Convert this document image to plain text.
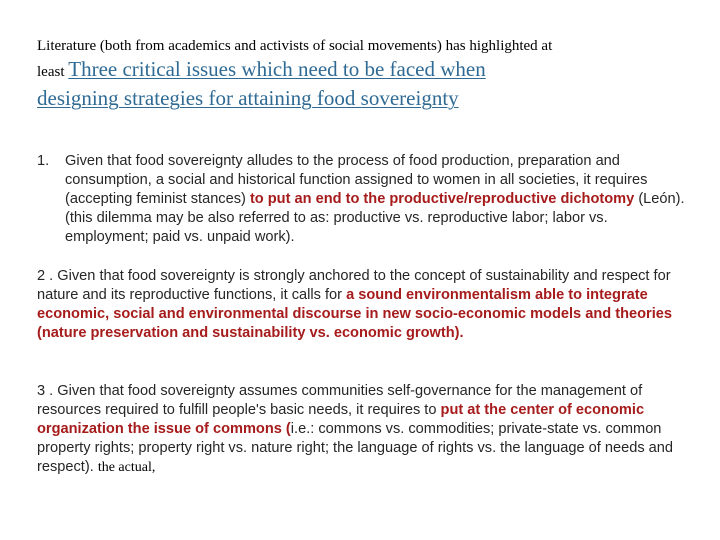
Literature (both from academics and activists of social movements) has highlighted at
least Three critical issues which need to be faced when
designing strategies for attaining food sovereignty
1. Given that food sovereignty alludes to the process of food production, preparation and consumption, a social and historical function assigned to women in all societies, it requires (accepting feminist stances) to put an end to the productive/reproductive dichotomy (León). (this dilemma may be also referred to as: productive vs. reproductive labor; labor vs. employment; paid vs. unpaid work).
2 . Given that food sovereignty is strongly anchored to the concept of sustainability and respect for nature and its reproductive functions, it calls for a sound environmentalism able to integrate economic, social and environmental discourse in new socio-economic models and theories (nature preservation and sustainability vs. economic growth).
3 . Given that food sovereignty assumes communities self-governance for the management of resources required to fulfill people's basic needs, it requires to put at the center of economic organization the issue of commons (i.e.: commons vs. commodities; private-state vs. common property rights; property right vs. nature right; the language of rights vs. the language of needs and respect). the actual,
